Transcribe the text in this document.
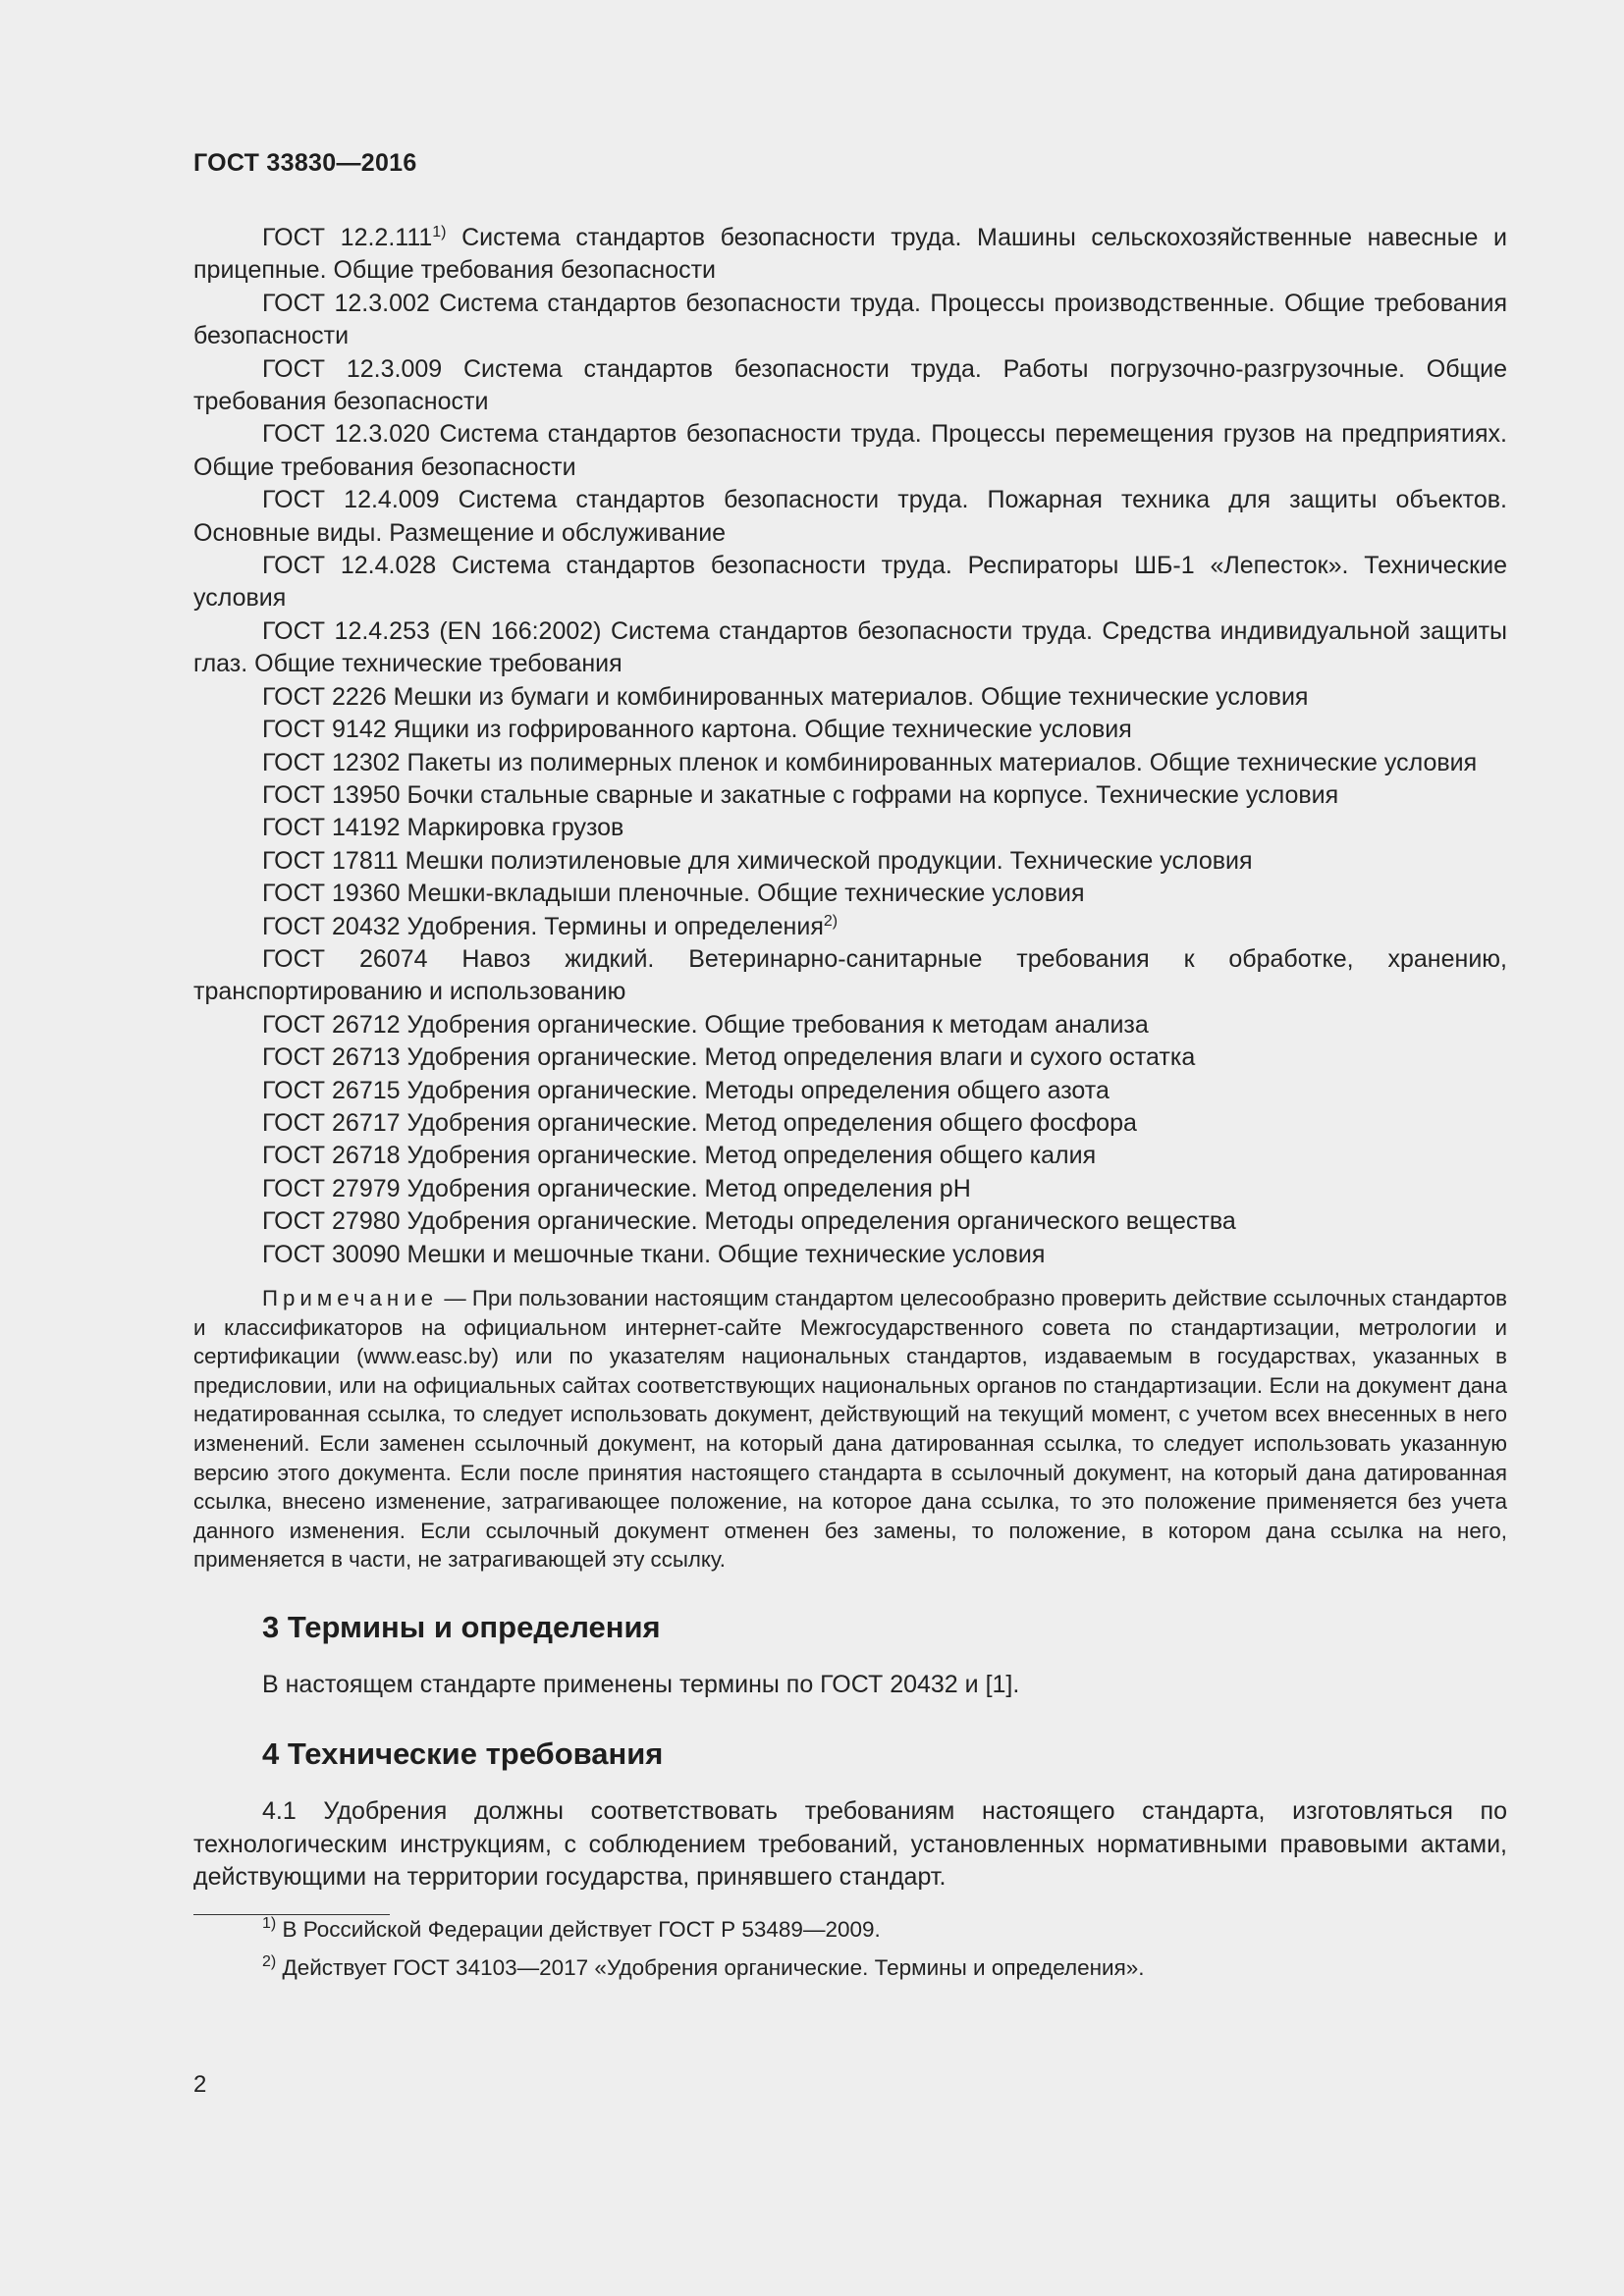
ГОСТ 33830—2016

ГОСТ 12.2.111$^{1)}$ Система стандартов безопасности труда. Машины сельскохозяйственные навесные и прицепные. Общие требования безопасности

ГОСТ 12.3.002 Система стандартов безопасности труда. Процессы производственные. Общие требования безопасности

ГОСТ 12.3.009 Система стандартов безопасности труда. Работы погрузочно-разгрузочные. Общие требования безопасности

ГОСТ 12.3.020 Система стандартов безопасности труда. Процессы перемещения грузов на предприятиях. Общие требования безопасности

ГОСТ 12.4.009 Система стандартов безопасности труда. Пожарная техника для защиты объектов. Основные виды. Размещение и обслуживание

ГОСТ 12.4.028 Система стандартов безопасности труда. Респираторы ШБ-1 «Лепесток». Технические условия

ГОСТ 12.4.253 (EN 166:2002) Система стандартов безопасности труда. Средства индивидуальной защиты глаз. Общие технические требования

ГОСТ 2226 Мешки из бумаги и комбинированных материалов. Общие технические условия

ГОСТ 9142 Ящики из гофрированного картона. Общие технические условия

ГОСТ 12302 Пакеты из полимерных пленок и комбинированных материалов. Общие технические условия

ГОСТ 13950 Бочки стальные сварные и закатные с гофрами на корпусе. Технические условия

ГОСТ 14192 Маркировка грузов

ГОСТ 17811 Мешки полиэтиленовые для химической продукции. Технические условия

ГОСТ 19360 Мешки-вкладыши пленочные. Общие технические условия

ГОСТ 20432 Удобрения. Термины и определения$^{2)}$

ГОСТ 26074 Навоз жидкий. Ветеринарно-санитарные требования к обработке, хранению, транспортированию и использованию

ГОСТ 26712 Удобрения органические. Общие требования к методам анализа

ГОСТ 26713 Удобрения органические. Метод определения влаги и сухого остатка

ГОСТ 26715 Удобрения органические. Методы определения общего азота

ГОСТ 26717 Удобрения органические. Метод определения общего фосфора

ГОСТ 26718 Удобрения органические. Метод определения общего калия

ГОСТ 27979 Удобрения органические. Метод определения pH

ГОСТ 27980 Удобрения органические. Методы определения органического вещества

ГОСТ 30090 Мешки и мешочные ткани. Общие технические условия

Примечание — При пользовании настоящим стандартом целесообразно проверить действие ссылочных стандартов и классификаторов на официальном интернет-сайте Межгосударственного совета по стандартизации, метрологии и сертификации (www.easc.by) или по указателям национальных стандартов, издаваемым в государствах, указанных в предисловии, или на официальных сайтах соответствующих национальных органов по стандартизации. Если на документ дана недатированная ссылка, то следует использовать документ, действующий на текущий момент, с учетом всех внесенных в него изменений. Если заменен ссылочный документ, на который дана датированная ссылка, то следует использовать указанную версию этого документа. Если после принятия настоящего стандарта в ссылочный документ, на который дана датированная ссылка, внесено изменение, затрагивающее положение, на которое дана ссылка, то это положение применяется без учета данного изменения. Если ссылочный документ отменен без замены, то положение, в котором дана ссылка на него, применяется в части, не затрагивающей эту ссылку.
3 Термины и определения

В настоящем стандарте применены термины по ГОСТ 20432 и [1].

4 Технические требования

4.1 Удобрения должны соответствовать требованиям настоящего стандарта, изготовляться по технологическим инструкциям, с соблюдением требований, установленных нормативными правовыми актами, действующими на территории государства, принявшего стандарт.

$^{1)}$ В Российской Федерации действует ГОСТ Р 53489—2009.
$^{2)}$ Действует ГОСТ 34103—2017 «Удобрения органические. Термины и определения».
2
